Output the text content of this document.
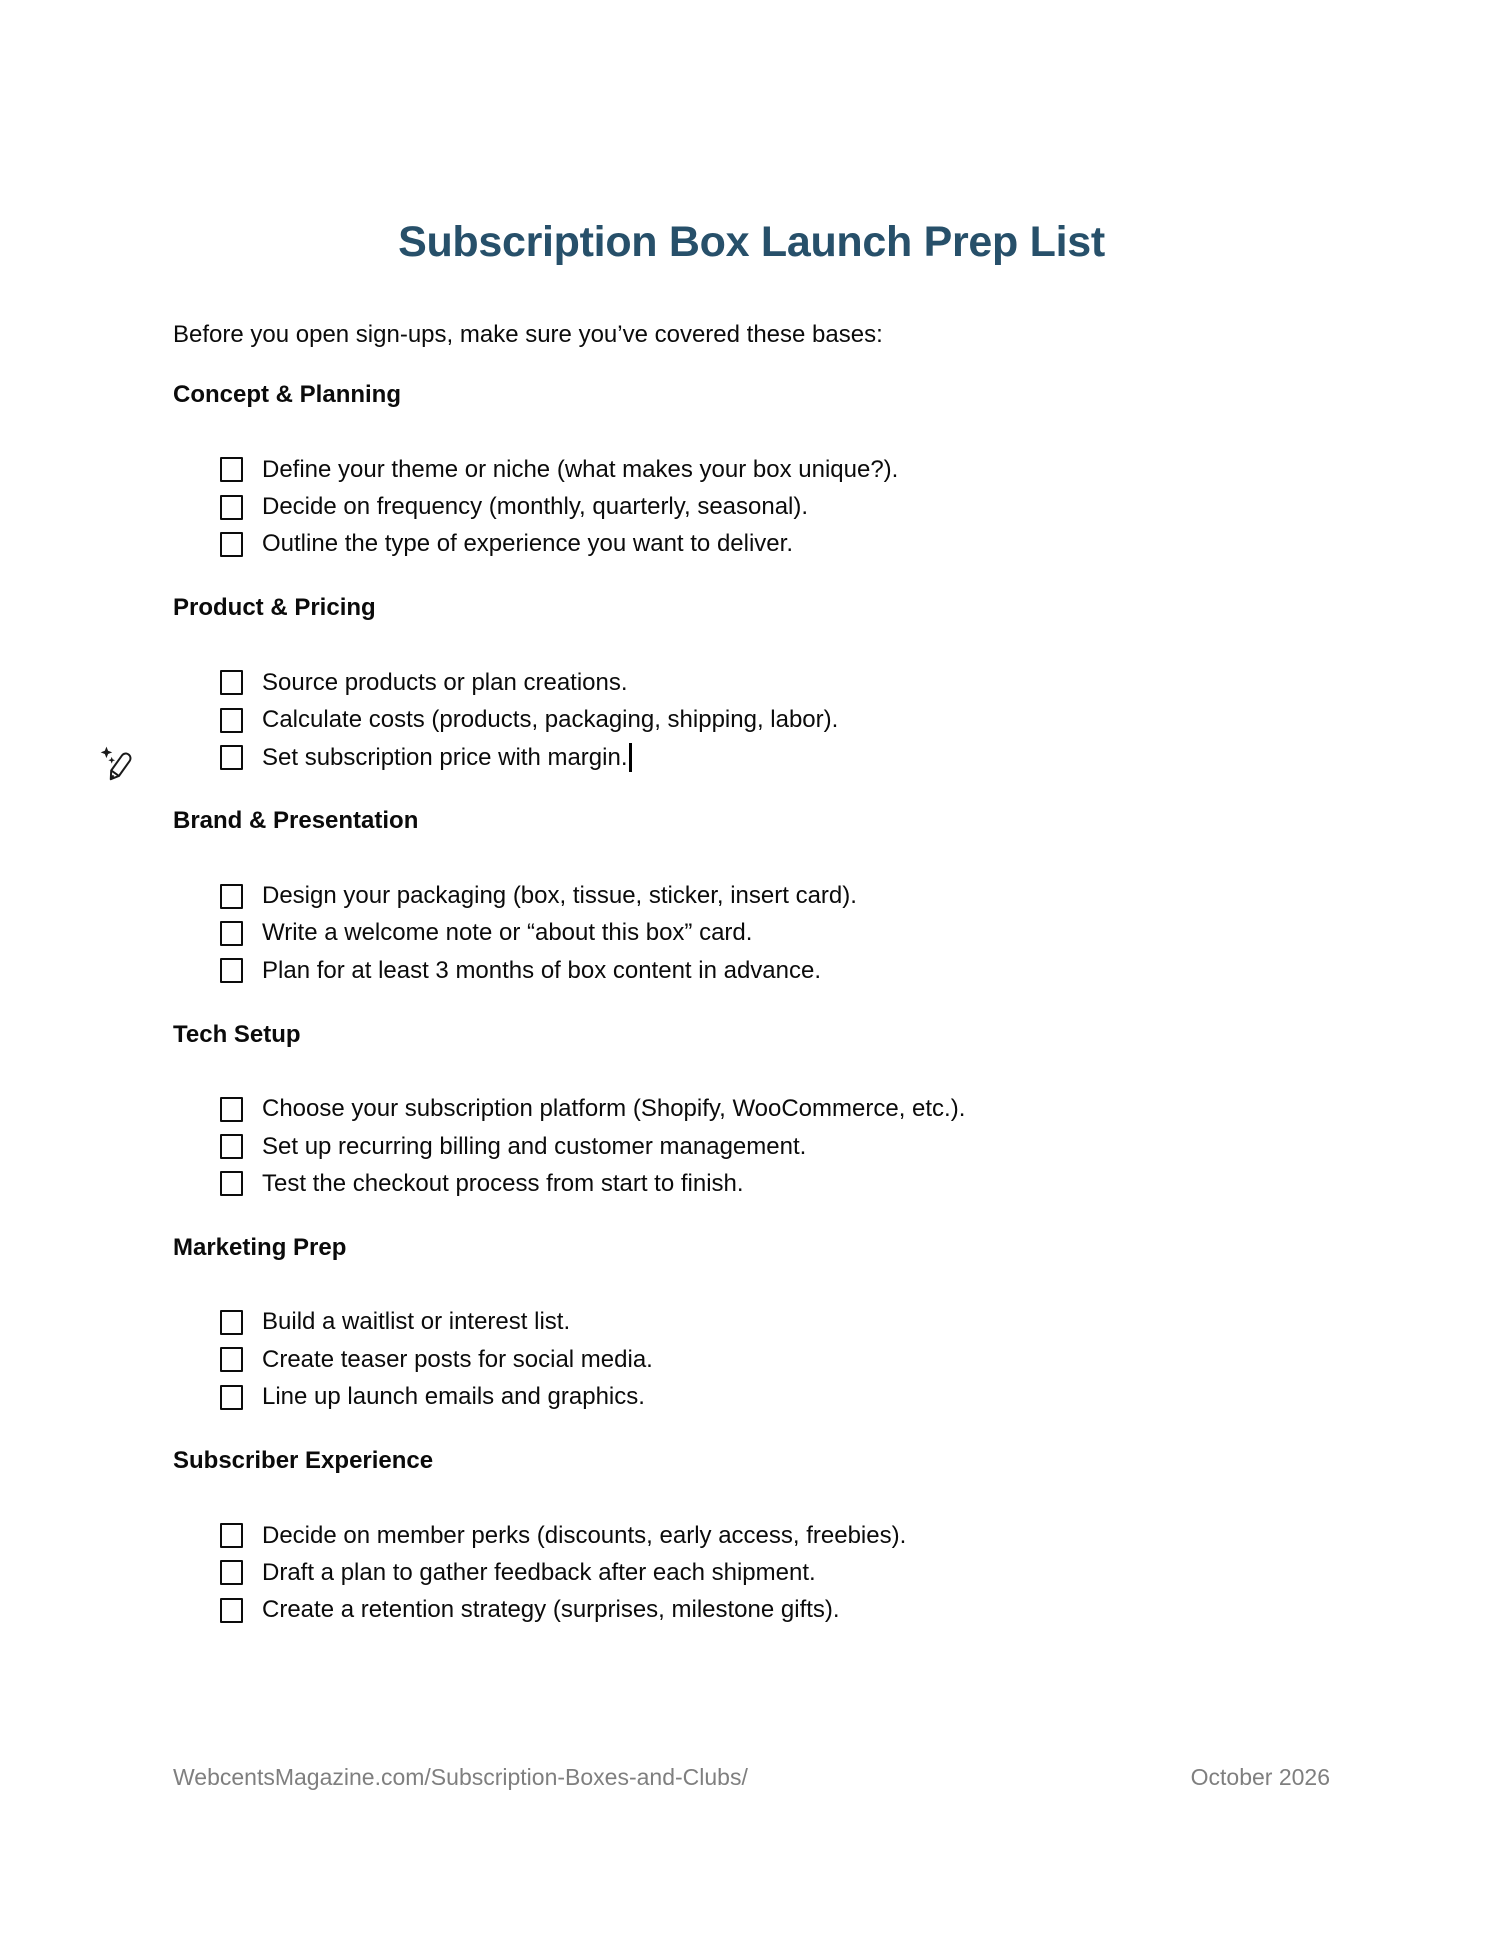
Subscription Box Launch Prep List

Before you open sign-ups, make sure you’ve covered these bases:

Concept & Planning
Define your theme or niche (what makes your box unique?).
Decide on frequency (monthly, quarterly, seasonal).
Outline the type of experience you want to deliver.
Product & Pricing
Source products or plan creations.
Calculate costs (products, packaging, shipping, labor).
Set subscription price with margin.
Brand & Presentation
Design your packaging (box, tissue, sticker, insert card).
Write a welcome note or “about this box” card.
Plan for at least 3 months of box content in advance.
Tech Setup
Choose your subscription platform (Shopify, WooCommerce, etc.).
Set up recurring billing and customer management.
Test the checkout process from start to finish.
Marketing Prep
Build a waitlist or interest list.
Create teaser posts for social media.
Line up launch emails and graphics.
Subscriber Experience
Decide on member perks (discounts, early access, freebies).
Draft a plan to gather feedback after each shipment.
Create a retention strategy (surprises, milestone gifts).
WebcentsMagazine.com/Subscription-Boxes-and-Clubs/	October 2026
